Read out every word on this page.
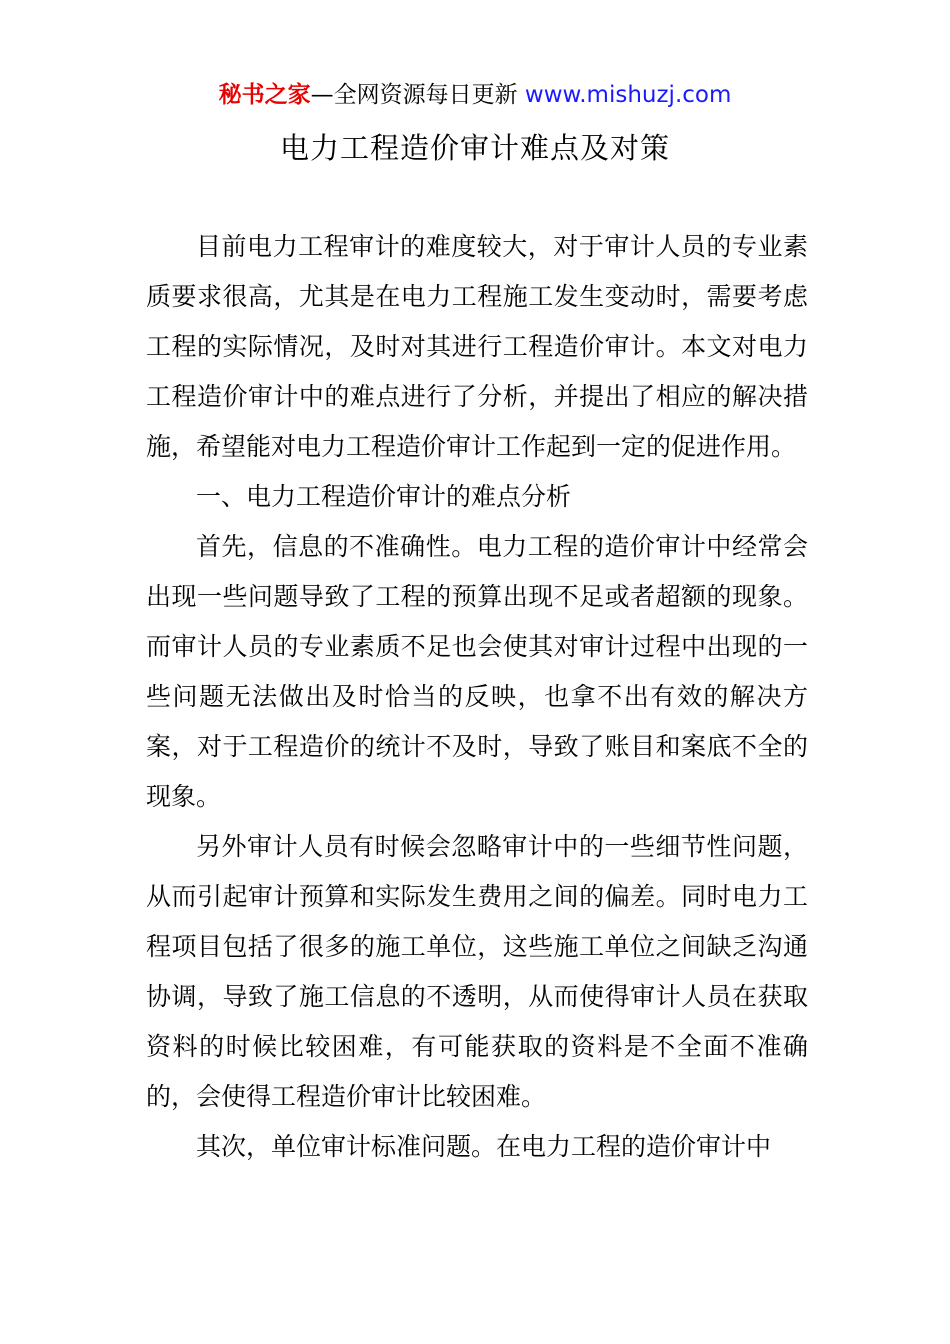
秘书之家—全网资源每日更新 www.mishuzj.com
电力工程造价审计难点及对策

目前电力工程审计的难度较大，对于审计人员的专业素质要求很高，尤其是在电力工程施工发生变动时，需要考虑工程的实际情况，及时对其进行工程造价审计。本文对电力工程造价审计中的难点进行了分析，并提出了相应的解决措施，希望能对电力工程造价审计工作起到一定的促进作用。

一、电力工程造价审计的难点分析

首先，信息的不准确性。电力工程的造价审计中经常会出现一些问题导致了工程的预算出现不足或者超额的现象。而审计人员的专业素质不足也会使其对审计过程中出现的一些问题无法做出及时恰当的反映，也拿不出有效的解决方案，对于工程造价的统计不及时，导致了账目和案底不全的现象。

另外审计人员有时候会忽略审计中的一些细节性问题，从而引起审计预算和实际发生费用之间的偏差。同时电力工程项目包括了很多的施工单位，这些施工单位之间缺乏沟通协调，导致了施工信息的不透明，从而使得审计人员在获取资料的时候比较困难，有可能获取的资料是不全面不准确的，会使得工程造价审计比较困难。

其次，单位审计标准问题。在电力工程的造价审计中
